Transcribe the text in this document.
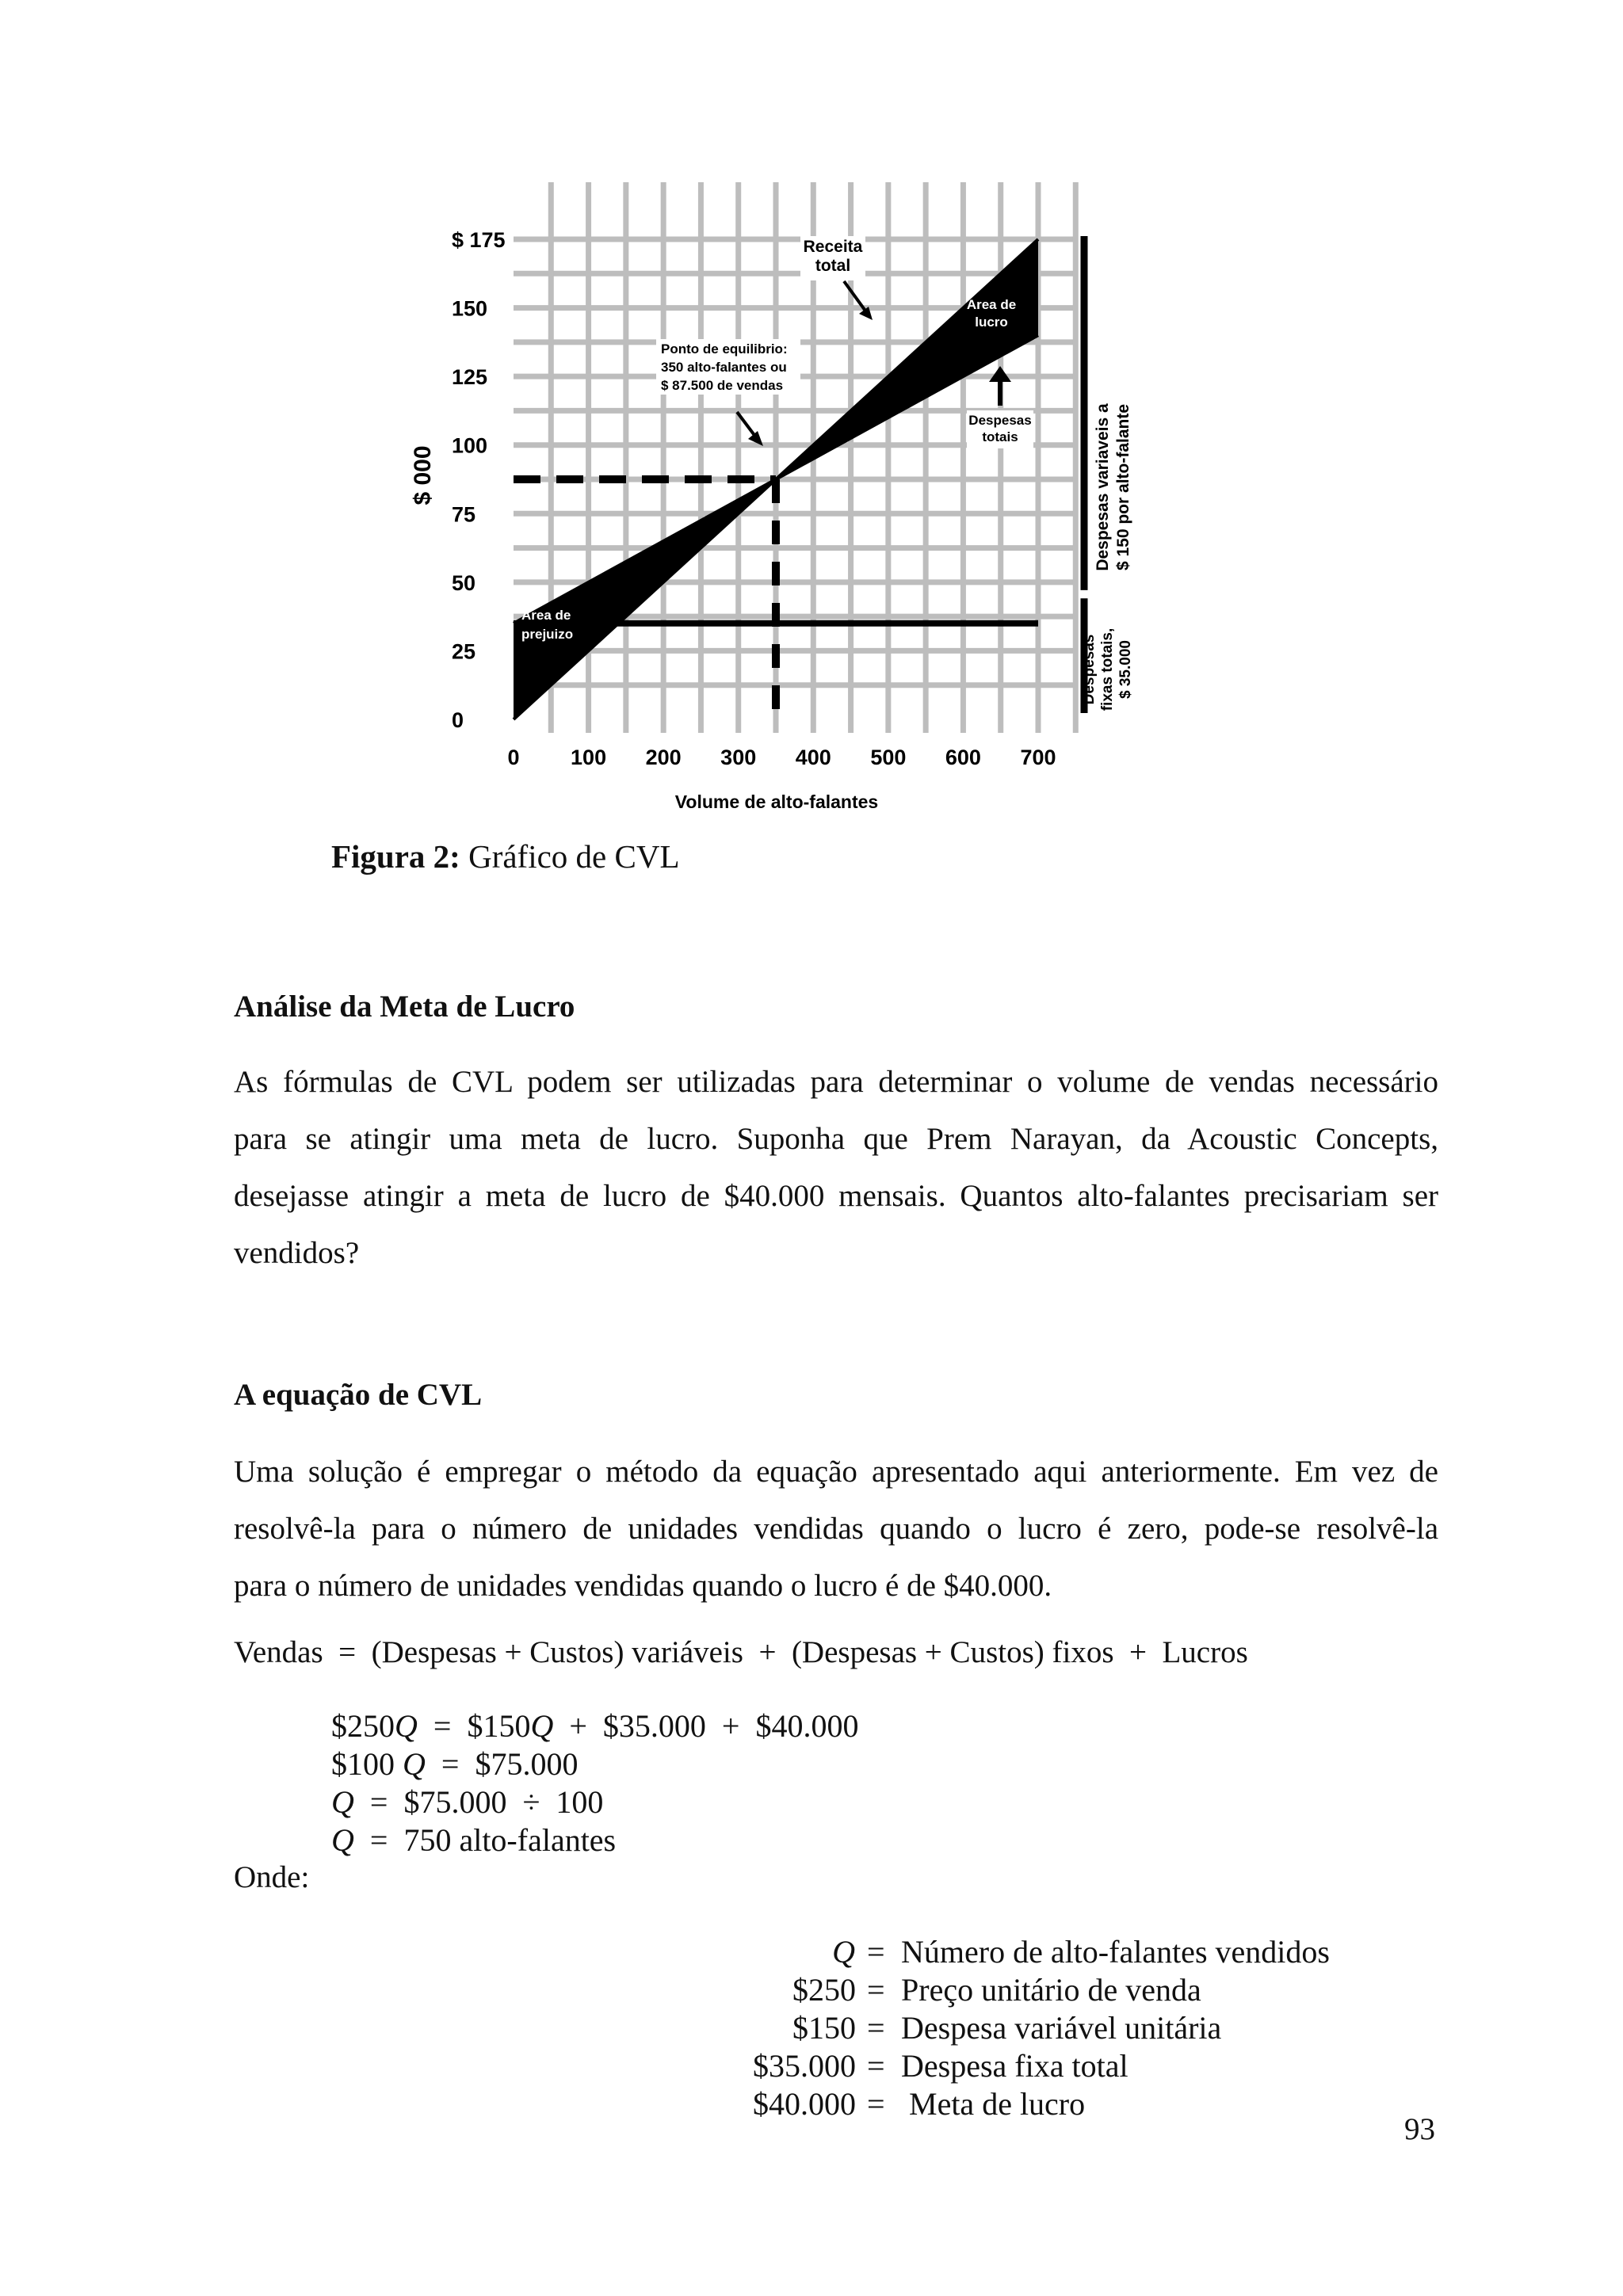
0
25
50
75
100
125
150
$ 175
0 100 200 300 400 500 600 700
Volume de alto-falantes
$ 000
Receita total
Area de lucro
Despesas totais
Ponto de equilibrio: 350 alto-falantes ou $ 87.500 de vendas
Area de prejuizo
Despesas variaveis a $ 150 por alto-falante
Despesas fixas totais, $ 35.000
Figura 2: Gráfico de CVL
Análise da Meta de Lucro
As fórmulas de CVL podem ser utilizadas para determinar o volume de vendas necessário
para se atingir uma meta de lucro. Suponha que Prem Narayan, da Acoustic Concepts,
desejasse atingir a meta de lucro de $40.000 mensais. Quantos alto-falantes precisariam ser
vendidos?
A equação de CVL
Uma solução é empregar o método da equação apresentado aqui anteriormente. Em vez de
resolvê-la para o número de unidades vendidas quando o lucro é zero, pode-se resolvê-la
para o número de unidades vendidas quando o lucro é de $40.000.
Vendas  =  (Despesas + Custos) variáveis  +  (Despesas + Custos) fixos  +  Lucros
$250Q  =  $150Q  +  $35.000  +  $40.000
$100 Q  =  $75.000
Q  =  $75.000  ÷  100
Q  =  750 alto-falantes
Onde:

Q

=

Número de alto-falantes vendidos

$250

=

Preço unitário de venda

$150

=

Despesa variável unitária

$35.000

=

Despesa fixa total

$40.000

=

Meta de lucro

93
